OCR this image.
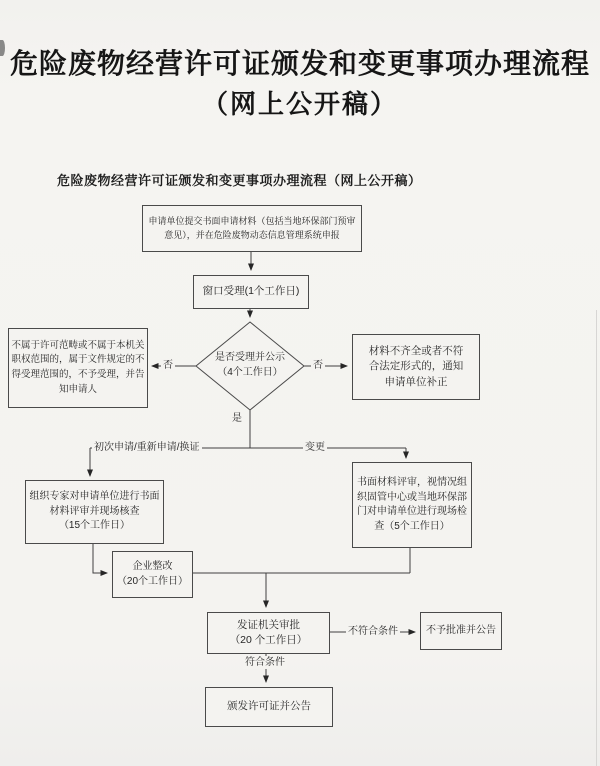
危险废物经营许可证颁发和变更事项办理流程
（网上公开稿）
危险废物经营许可证颁发和变更事项办理流程（网上公开稿）
申请单位提交书面申请材料（包括当地环保部门预审
意见），并在危险废物动态信息管理系统申报
窗口受理(1个工作日)
是否受理并公示
（4个工作日）
不属于许可范畴或不属于本机关
职权范围的，属于文件规定的不
得受理范围的，不予受理，并告
知申请人
材料不齐全或者不符
合法定形式的，通知
申请单位补正
组织专家对申请单位进行书面
材料评审并现场核查
（15个工作日）
书面材料评审，视情况组
织固管中心或当地环保部
门对申请单位进行现场检
查（5个工作日）
企业整改
（20个工作日）
发证机关审批
（20 个工作日）
不予批准并公告
颁发许可证并公告
否	否
是
初次申请/重新申请/换证	变更
不符合条件
符合条件
